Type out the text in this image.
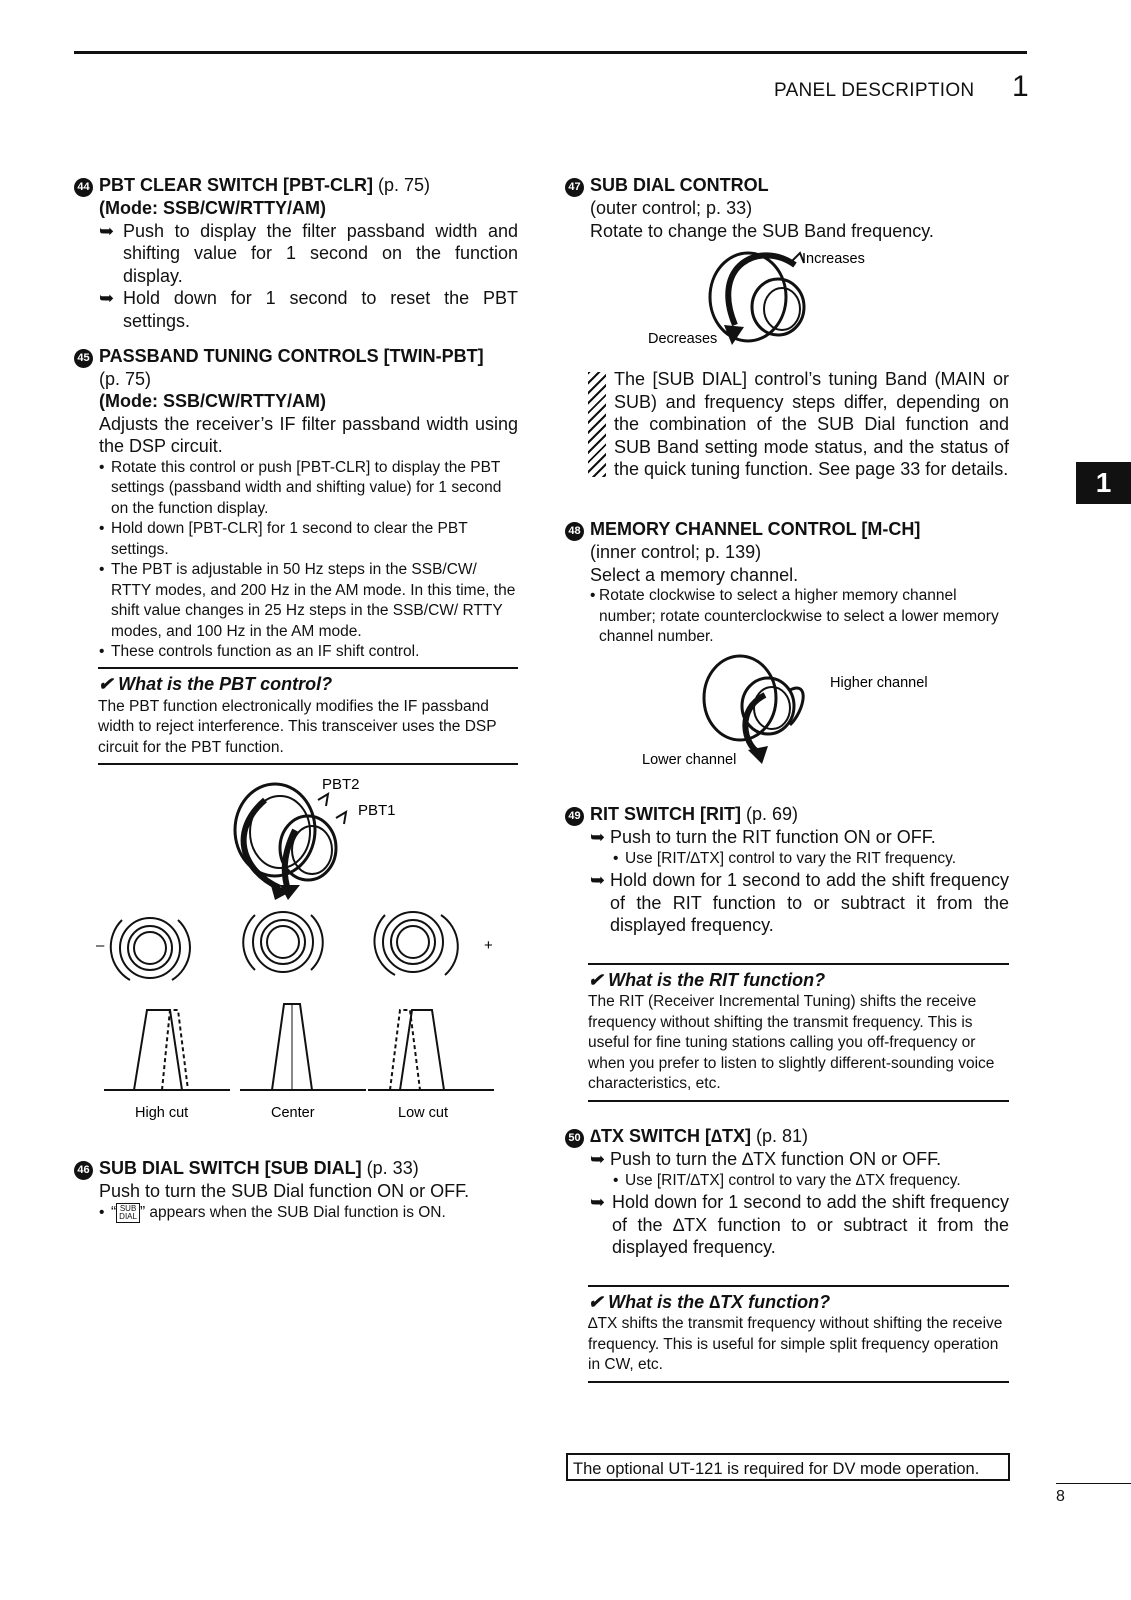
PANEL DESCRIPTION 1
1
44 PBT CLEAR SWITCH [PBT-CLR] (p. 75)
(Mode: SSB/CW/RTTY/AM)
➥ Push to display the filter passband width and shifting value for 1 second on the function display.
➥ Hold down for 1 second to reset the PBT settings.
45 PASSBAND TUNING CONTROLS [TWIN-PBT]
(p. 75)
(Mode: SSB/CW/RTTY/AM)
Adjusts the receiver’s IF filter passband width using the DSP circuit.
• Rotate this control or push [PBT-CLR] to display the PBT settings (passband width and shifting value) for 1 second on the function display.
• Hold down [PBT-CLR] for 1 second to clear the PBT settings.
• The PBT is adjustable in 50 Hz steps in the SSB/CW/ RTTY modes, and 200 Hz in the AM mode. In this time, the shift value changes in 25 Hz steps in the SSB/CW/ RTTY modes, and 100 Hz in the AM mode.
• These controls function as an IF shift control.
✔ What is the PBT control?
The PBT function electronically modifies the IF passband width to reject interference. This transceiver uses the DSP circuit for the PBT function.
PBT2
PBT1
–	+
High cut	Center	Low cut
46 SUB DIAL SWITCH [SUB DIAL] (p. 33)
Push to turn the SUB Dial function ON or OFF.
• “ SUB
DIAL ” appears when the SUB Dial function is ON.
47 SUB DIAL CONTROL
(outer control; p. 33)
Rotate to change the SUB Band frequency.
Increases
Decreases
The [SUB DIAL] control’s tuning Band (MAIN or SUB) and frequency steps differ, depending on the combination of the SUB Dial function and SUB Band setting mode status, and the status of the quick tuning function. See page 33 for details.
48 MEMORY CHANNEL CONTROL [M-CH]
(inner control; p. 139)
Select a memory channel.
• Rotate clockwise to select a higher memory channel number; rotate counterclockwise to select a lower memory channel number.
Higher channel
Lower channel
49 RIT SWITCH [RIT] (p. 69)
➥ Push to turn the RIT function ON or OFF.
• Use [RIT/∆TX] control to vary the RIT frequency.
➥ Hold down for 1 second to add the shift frequency of the RIT function to or subtract it from the displayed frequency.
✔ What is the RIT function?
The RIT (Receiver Incremental Tuning) shifts the receive frequency without shifting the transmit frequency. This is useful for fine tuning stations calling you off-frequency or when you prefer to listen to slightly different-sounding voice characteristics, etc.
50 ∆TX SWITCH [∆TX] (p. 81)
➥ Push to turn the ∆TX function ON or OFF.
• Use [RIT/∆TX] control to vary the ∆TX frequency.
➥ Hold down for 1 second to add the shift frequency of the ∆TX function to or subtract it from the displayed frequency.
✔ What is the ∆TX function?
∆TX shifts the transmit frequency without shifting the receive frequency. This is useful for simple split frequency operation in CW, etc.
The optional UT-121 is required for DV mode operation.
8
